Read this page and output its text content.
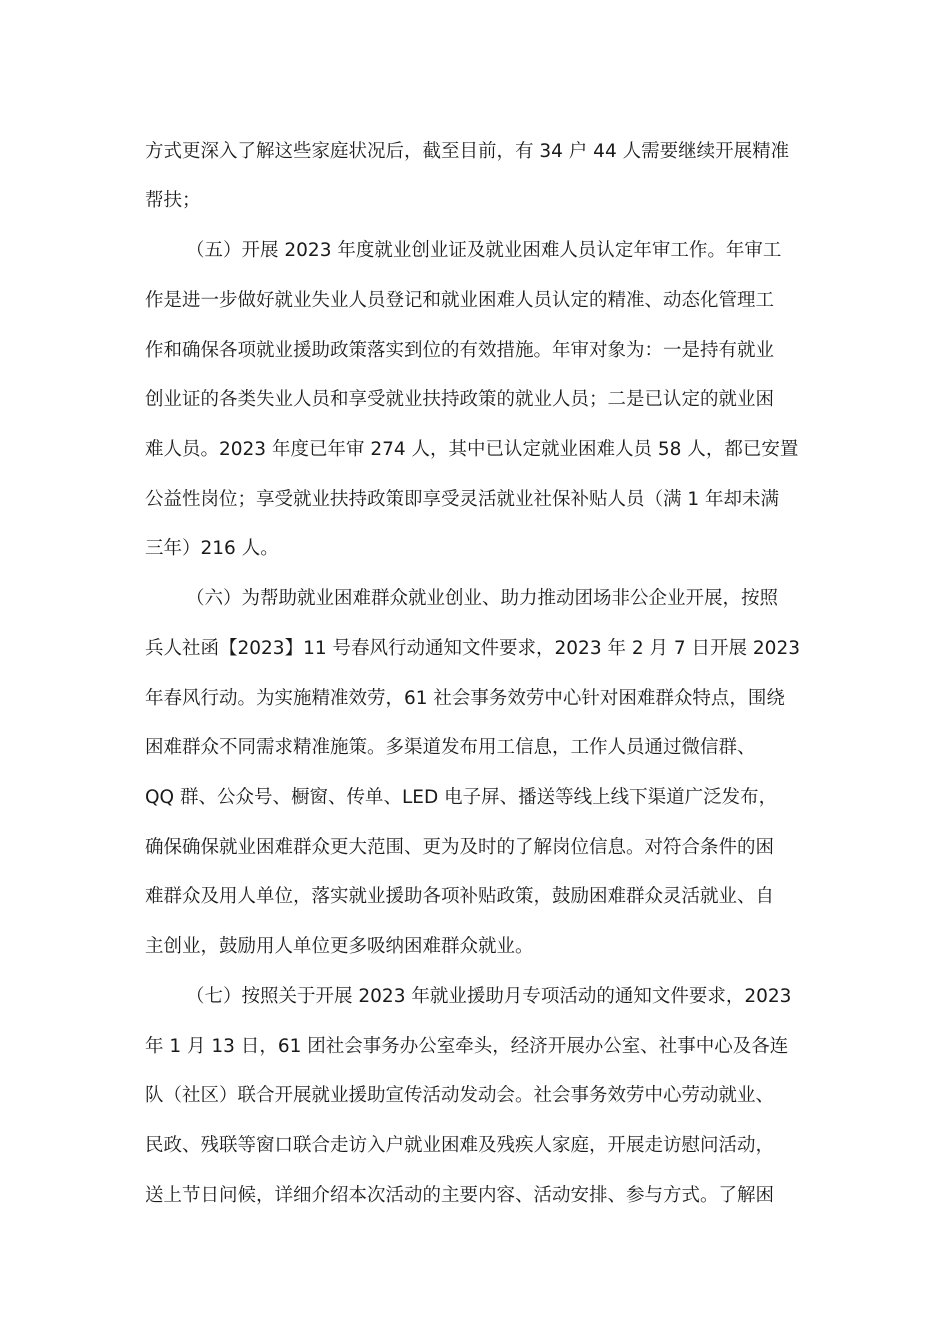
方式更深入了解这些家庭状况后，截至目前，有 34 户 44 人需要继续开展精准
帮扶；
（五）开展 2023 年度就业创业证及就业困难人员认定年审工作。年审工
作是进一步做好就业失业人员登记和就业困难人员认定的精准、动态化管理工
作和确保各项就业援助政策落实到位的有效措施。年审对象为：一是持有就业
创业证的各类失业人员和享受就业扶持政策的就业人员；二是已认定的就业困
难人员。2023 年度已年审 274 人，其中已认定就业困难人员 58 人，都已安置
公益性岗位；享受就业扶持政策即享受灵活就业社保补贴人员（满 1 年却未满
三年）216 人。
（六）为帮助就业困难群众就业创业、助力推动团场非公企业开展，按照
兵人社函【2023】11 号春风行动通知文件要求，2023 年 2 月 7 日开展 2023
年春风行动。为实施精准效劳，61 社会事务效劳中心针对困难群众特点，围绕
困难群众不同需求精准施策。多渠道发布用工信息，工作人员通过微信群、
QQ 群、公众号、橱窗、传单、LED 电子屏、播送等线上线下渠道广泛发布，
确保确保就业困难群众更大范围、更为及时的了解岗位信息。对符合条件的困
难群众及用人单位，落实就业援助各项补贴政策，鼓励困难群众灵活就业、自
主创业，鼓励用人单位更多吸纳困难群众就业。
（七）按照关于开展 2023 年就业援助月专项活动的通知文件要求，2023
年 1 月 13 日，61 团社会事务办公室牵头，经济开展办公室、社事中心及各连
队（社区）联合开展就业援助宣传活动发动会。社会事务效劳中心劳动就业、
民政、残联等窗口联合走访入户就业困难及残疾人家庭，开展走访慰问活动，
送上节日问候，详细介绍本次活动的主要内容、活动安排、参与方式。了解困
